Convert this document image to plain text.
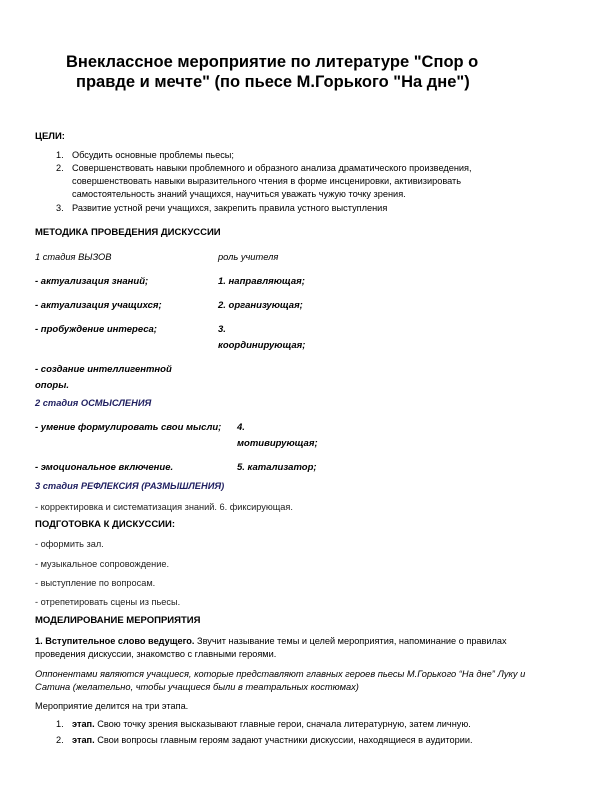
Внеклассное мероприятие по литературе "Спор о
правде и мечте" (по пьесе М.Горького "На дне")
ЦЕЛИ:
1. Обсудить основные проблемы пьесы;
2. Совершенствовать навыки проблемного и образного анализа драматического произведения,
совершенствовать навыки выразительного чтения в форме инсценировки, активизировать
самостоятельность знаний учащихся, научиться уважать чужую точку зрения.
3. Развитие устной речи учащихся, закрепить правила устного выступления
МЕТОДИКА ПРОВЕДЕНИЯ ДИСКУССИИ
1 стадия ВЫЗОВ	роль учителя
- актуализация знаний;	1. направляющая;
- актуализация учащихся;	2. организующая;
- пробуждение интереса;	3.
координирующая;
- создание интеллигентной
опоры.
2 стадия ОСМЫСЛЕНИЯ
- умение формулировать свои мысли; 4.
мотивирующая;
- эмоциональное включение.	5. катализатор;
3 стадия РЕФЛЕКСИЯ (РАЗМЫШЛЕНИЯ)
- корректировка и систематизация знаний. 6. фиксирующая.
ПОДГОТОВКА К ДИСКУССИИ:
- оформить зал.
- музыкальное сопровождение.
- выступление по вопросам.
- отрепетировать сцены из пьесы.
МОДЕЛИРОВАНИЕ МЕРОПРИЯТИЯ
1. Вступительное слово ведущего. Звучит называние темы и целей мероприятия, напоминание о правилах
проведения дискуссии, знакомство с главными героями.
Оппонентами являются учащиеся, которые представляют главных героев пьесы М.Горького “На дне” Луку и
Сатина (желательно, чтобы учащиеся были в театральных костюмах)
Мероприятие делится на три этапа.
1. этап. Свою точку зрения высказывают главные герои, сначала литературную, затем личную.
2. этап. Свои вопросы главным героям задают участники дискуссии, находящиеся в аудитории.
